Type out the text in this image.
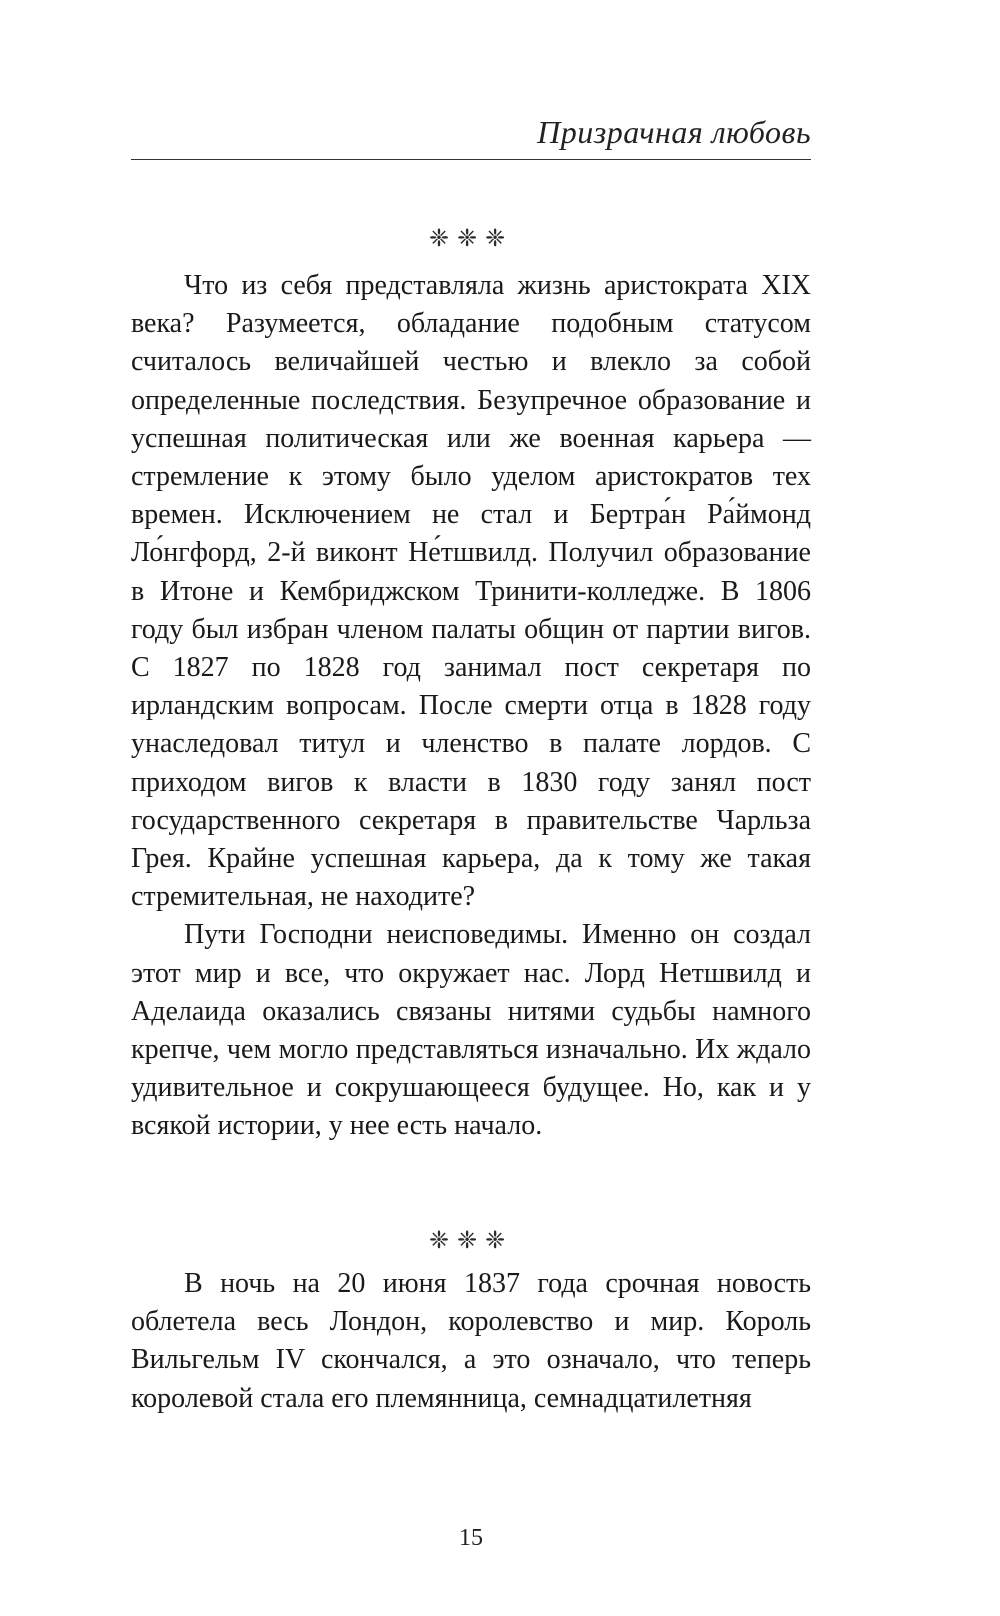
Призрачная любовь
❈❈❈

Что из себя представляла жизнь аристократа XIX века? Разумеется, обладание подобным статусом считалось величайшей честью и влекло за собой определенные последствия. Безупречное образование и успешная политическая или же военная карьера — стремление к этому было уделом аристократов тех времен. Исключением не стал и Бертра́н Ра́ймонд Ло́нгфорд, 2-й виконт Не́тшвилд. Получил образование в Итоне и Кембриджском Тринити-колледже. В 1806 году был избран членом палаты общин от партии вигов. С 1827 по 1828 год занимал пост секретаря по ирландским вопросам. После смерти отца в 1828 году унаследовал титул и членство в палате лордов. С приходом вигов к власти в 1830 году занял пост государственного секретаря в правительстве Чарльза Грея. Крайне успешная карьера, да к тому же такая стремительная, не находите?

Пути Господни неисповедимы. Именно он создал этот мир и все, что окружает нас. Лорд Нетшвилд и Аделаида оказались связаны нитями судьбы намного крепче, чем могло представляться изначально. Их ждало удивительное и сокрушающееся будущее. Но, как и у всякой истории, у нее есть начало.

❈❈❈

В ночь на 20 июня 1837 года срочная новость облетела весь Лондон, королевство и мир. Король Вильгельм IV скончался, а это означало, что теперь королевой стала его племянница, семнадцатилетняя

15
